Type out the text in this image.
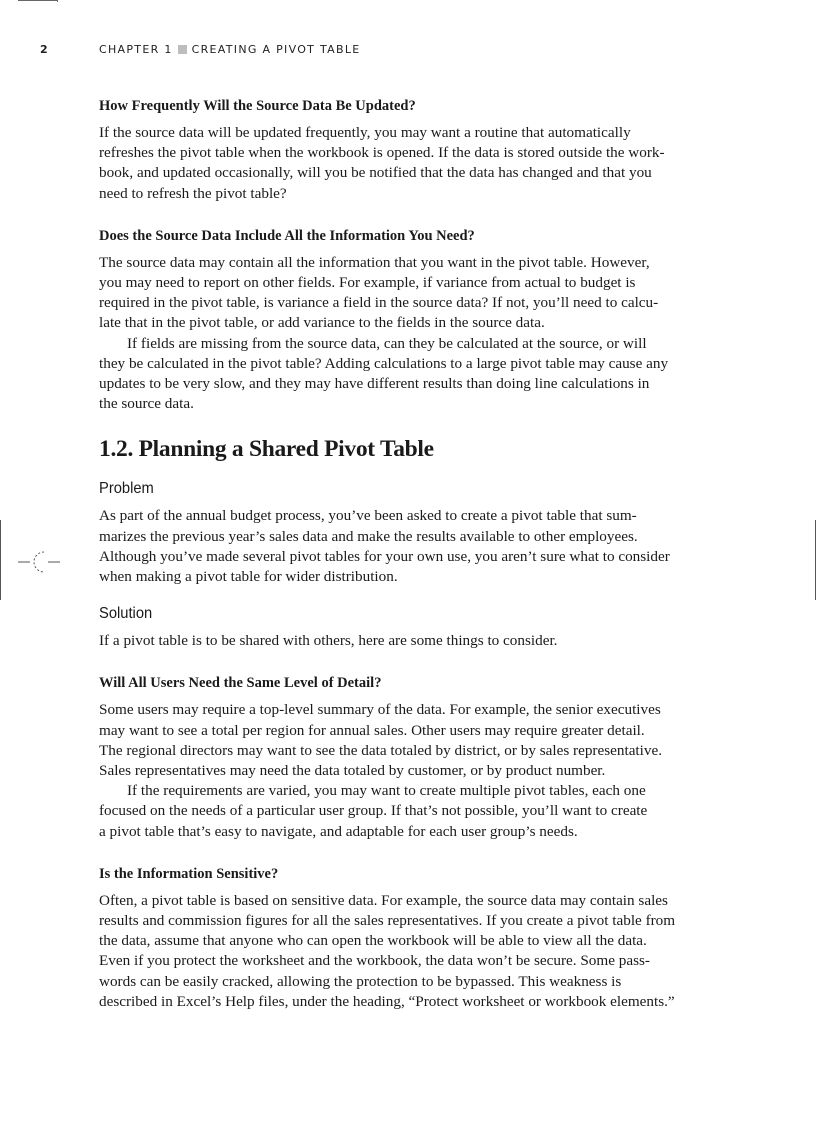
2	CHAPTER 1 CREATING A PIVOT TABLE
How Frequently Will the Source Data Be Updated?

If the source data will be updated frequently, you may want a routine that automatically
refreshes the pivot table when the workbook is opened. If the data is stored outside the work-
book, and updated occasionally, will you be notified that the data has changed and that you
need to refresh the pivot table?

Does the Source Data Include All the Information You Need?

The source data may contain all the information that you want in the pivot table. However,
you may need to report on other fields. For example, if variance from actual to budget is
required in the pivot table, is variance a field in the source data? If not, you’ll need to calcu-
late that in the pivot table, or add variance to the fields in the source data.

If fields are missing from the source data, can they be calculated at the source, or will
they be calculated in the pivot table? Adding calculations to a large pivot table may cause any
updates to be very slow, and they may have different results than doing line calculations in
the source data.

1.2. Planning a Shared Pivot Table
Problem

As part of the annual budget process, you’ve been asked to create a pivot table that sum-
marizes the previous year’s sales data and make the results available to other employees.
Although you’ve made several pivot tables for your own use, you aren’t sure what to consider
when making a pivot table for wider distribution.

Solution

If a pivot table is to be shared with others, here are some things to consider.

Will All Users Need the Same Level of Detail?

Some users may require a top-level summary of the data. For example, the senior executives
may want to see a total per region for annual sales. Other users may require greater detail.
The regional directors may want to see the data totaled by district, or by sales representative.
Sales representatives may need the data totaled by customer, or by product number.

If the requirements are varied, you may want to create multiple pivot tables, each one
focused on the needs of a particular user group. If that’s not possible, you’ll want to create
a pivot table that’s easy to navigate, and adaptable for each user group’s needs.

Is the Information Sensitive?

Often, a pivot table is based on sensitive data. For example, the source data may contain sales
results and commission figures for all the sales representatives. If you create a pivot table from
the data, assume that anyone who can open the workbook will be able to view all the data.
Even if you protect the worksheet and the workbook, the data won’t be secure. Some pass-
words can be easily cracked, allowing the protection to be bypassed. This weakness is
described in Excel’s Help files, under the heading, “Protect worksheet or workbook elements.”
